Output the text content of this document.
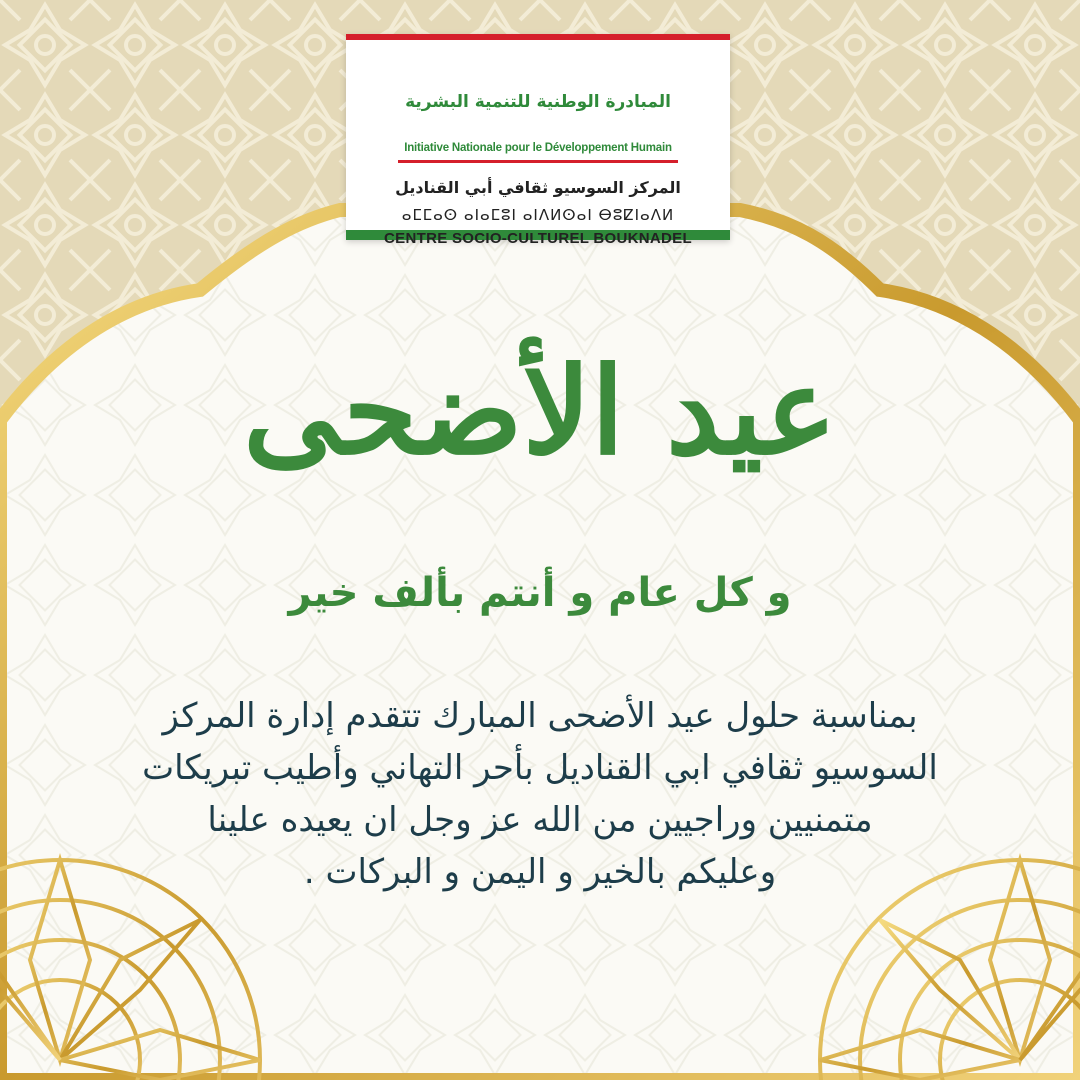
المبادرة الوطنية للتنمية البشرية
Initiative Nationale pour le Développement Humain
المركز السوسيو ثقافي أبي القناديل
ⴰⵎⵎⴰⵙ ⴰⵏⴰⵎⵓⵏ ⴰⵏⴷⵍⵙⴰⵏ ⴱⵓⵇⵏⴰⴷⵍ
CENTRE SOCIO-CULTUREL BOUKNADEL
عيد الأضحى
و كل عام و أنتم بألف خير

بمناسبة حلول عيد الأضحى المبارك تتقدم إدارة المركز
السوسيو ثقافي ابي القناديل بأحر التهاني وأطيب تبريكات
متمنيين وراجيين من الله عز وجل ان يعيده علينا
وعليكم بالخير و اليمن و البركات .
